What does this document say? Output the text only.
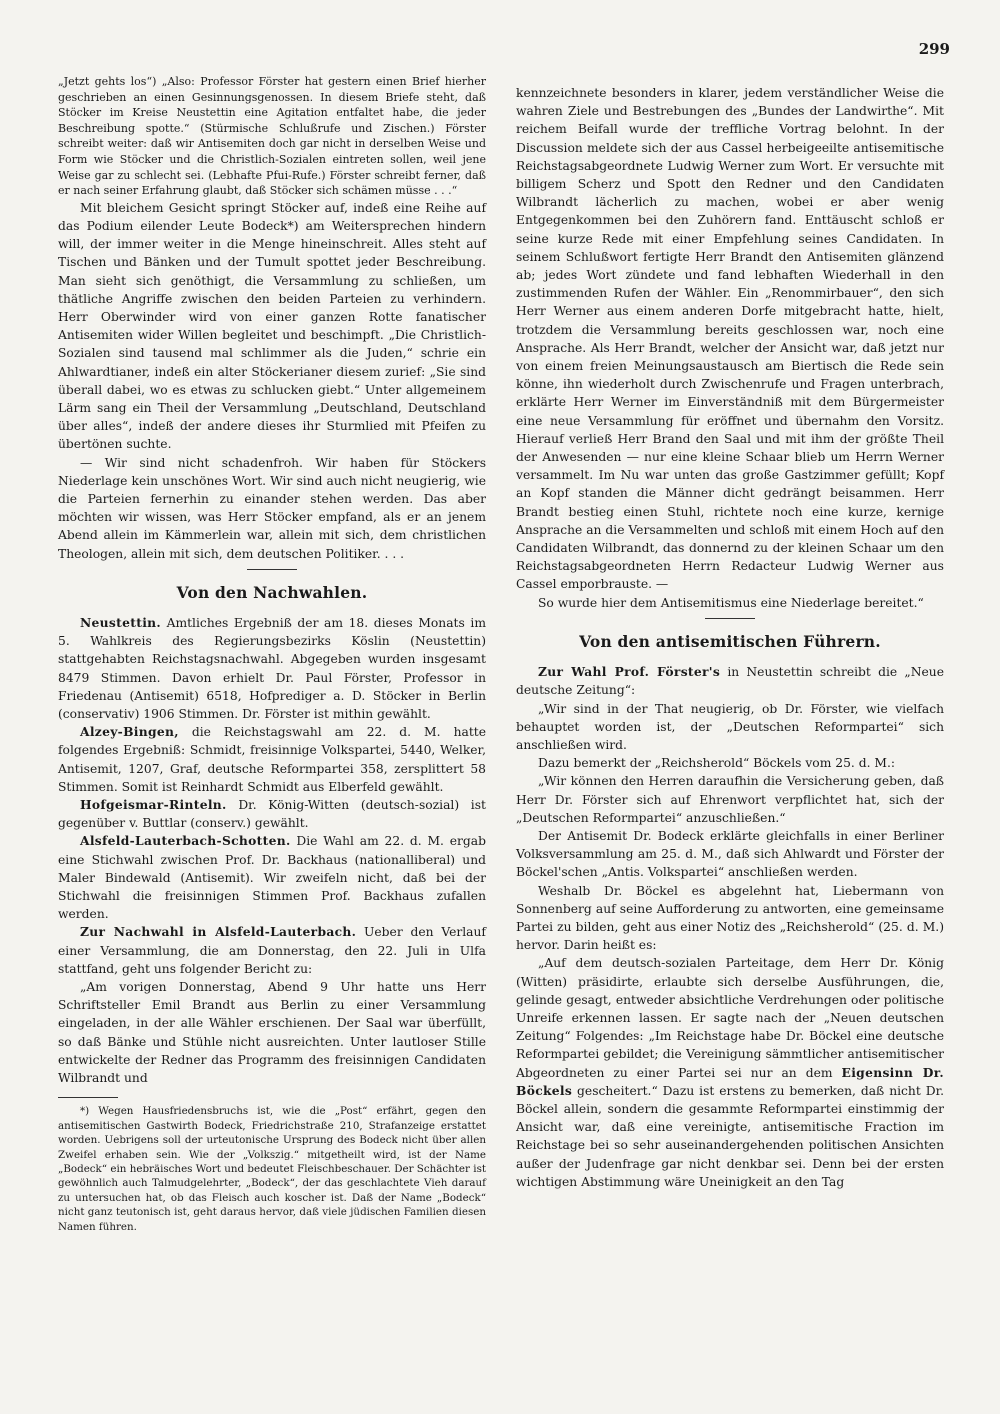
299

„Jetzt gehts los“) „Also: Professor Förster hat gestern einen Brief hierher geschrieben an einen Gesinnungsgenossen. In diesem Briefe steht, daß Stöcker im Kreise Neustettin eine Agitation entfaltet habe, die jeder Beschreibung spotte.“ (Stürmische Schlußrufe und Zischen.) Förster schreibt weiter: daß wir Antisemiten doch gar nicht in derselben Weise und Form wie Stöcker und die Christlich-Sozialen eintreten sollen, weil jene Weise gar zu schlecht sei. (Lebhafte Pfui-Rufe.) Förster schreibt ferner, daß er nach seiner Erfahrung glaubt, daß Stöcker sich schämen müsse . . .“

Mit bleichem Gesicht springt Stöcker auf, indeß eine Reihe auf das Podium eilender Leute Bodeck*) am Weitersprechen hindern will, der immer weiter in die Menge hineinschreit. Alles steht auf Tischen und Bänken und der Tumult spottet jeder Beschreibung. Man sieht sich genöthigt, die Versammlung zu schließen, um thätliche Angriffe zwischen den beiden Parteien zu verhindern. Herr Oberwinder wird von einer ganzen Rotte fanatischer Antisemiten wider Willen begleitet und beschimpft. „Die Christlich-Sozialen sind tausend mal schlimmer als die Juden,“ schrie ein Ahlwardtianer, indeß ein alter Stöckerianer diesem zurief: „Sie sind überall dabei, wo es etwas zu schlucken giebt.“ Unter allgemeinem Lärm sang ein Theil der Versammlung „Deutschland, Deutschland über alles“, indeß der andere dieses ihr Sturmlied mit Pfeifen zu übertönen suchte.

— Wir sind nicht schadenfroh. Wir haben für Stöckers Niederlage kein unschönes Wort. Wir sind auch nicht neugierig, wie die Parteien fernerhin zu einander stehen werden. Das aber möchten wir wissen, was Herr Stöcker empfand, als er an jenem Abend allein im Kämmerlein war, allein mit sich, dem christlichen Theologen, allein mit sich, dem deutschen Politiker. . . .

Von den Nachwahlen.

Neustettin. Amtliches Ergebniß der am 18. dieses Monats im 5. Wahlkreis des Regierungsbezirks Köslin (Neustettin) stattgehabten Reichstagsnachwahl. Abgegeben wurden insgesamt 8479 Stimmen. Davon erhielt Dr. Paul Förster, Professor in Friedenau (Antisemit) 6518, Hofprediger a. D. Stöcker in Berlin (conservativ) 1906 Stimmen. Dr. Förster ist mithin gewählt.

Alzey-Bingen, die Reichstagswahl am 22. d. M. hatte folgendes Ergebniß: Schmidt, freisinnige Volkspartei, 5440, Welker, Antisemit, 1207, Graf, deutsche Reformpartei 358, zersplittert 58 Stimmen. Somit ist Reinhardt Schmidt aus Elberfeld gewählt.

Hofgeismar-Rinteln. Dr. König-Witten (deutsch-sozial) ist gegenüber v. Buttlar (conserv.) gewählt.

Alsfeld-Lauterbach-Schotten. Die Wahl am 22. d. M. ergab eine Stichwahl zwischen Prof. Dr. Backhaus (nationalliberal) und Maler Bindewald (Antisemit). Wir zweifeln nicht, daß bei der Stichwahl die freisinnigen Stimmen Prof. Backhaus zufallen werden.

Zur Nachwahl in Alsfeld-Lauterbach. Ueber den Verlauf einer Versammlung, die am Donnerstag, den 22. Juli in Ulfa stattfand, geht uns folgender Bericht zu:

„Am vorigen Donnerstag, Abend 9 Uhr hatte uns Herr Schriftsteller Emil Brandt aus Berlin zu einer Versammlung eingeladen, in der alle Wähler erschienen. Der Saal war überfüllt, so daß Bänke und Stühle nicht ausreichten. Unter lautloser Stille entwickelte der Redner das Programm des freisinnigen Candidaten Wilbrandt und

*) Wegen Hausfriedensbruchs ist, wie die „Post“ erfährt, gegen den antisemitischen Gastwirth Bodeck, Friedrichstraße 210, Strafanzeige erstattet worden. Uebrigens soll der urteutonische Ursprung des Bodeck nicht über allen Zweifel erhaben sein. Wie der „Volkszig.“ mitgetheilt wird, ist der Name „Bodeck“ ein hebräisches Wort und bedeutet Fleischbeschauer. Der Schächter ist gewöhnlich auch Talmudgelehrter, „Bodeck“, der das geschlachtete Vieh darauf zu untersuchen hat, ob das Fleisch auch koscher ist. Daß der Name „Bodeck“ nicht ganz teutonisch ist, geht daraus hervor, daß viele jüdischen Familien diesen Namen führen.

kennzeichnete besonders in klarer, jedem verständlicher Weise die wahren Ziele und Bestrebungen des „Bundes der Landwirthe“. Mit reichem Beifall wurde der treffliche Vortrag belohnt. In der Discussion meldete sich der aus Cassel herbeigeeilte antisemitische Reichstagsabgeordnete Ludwig Werner zum Wort. Er versuchte mit billigem Scherz und Spott den Redner und den Candidaten Wilbrandt lächerlich zu machen, wobei er aber wenig Entgegenkommen bei den Zuhörern fand. Enttäuscht schloß er seine kurze Rede mit einer Empfehlung seines Candidaten. In seinem Schlußwort fertigte Herr Brandt den Antisemiten glänzend ab; jedes Wort zündete und fand lebhaften Wiederhall in den zustimmenden Rufen der Wähler. Ein „Renommirbauer“, den sich Herr Werner aus einem anderen Dorfe mitgebracht hatte, hielt, trotzdem die Versammlung bereits geschlossen war, noch eine Ansprache. Als Herr Brandt, welcher der Ansicht war, daß jetzt nur von einem freien Meinungsaustausch am Biertisch die Rede sein könne, ihn wiederholt durch Zwischenrufe und Fragen unterbrach, erklärte Herr Werner im Einverständniß mit dem Bürgermeister eine neue Versammlung für eröffnet und übernahm den Vorsitz. Hierauf verließ Herr Brand den Saal und mit ihm der größte Theil der Anwesenden — nur eine kleine Schaar blieb um Herrn Werner versammelt. Im Nu war unten das große Gastzimmer gefüllt; Kopf an Kopf standen die Männer dicht gedrängt beisammen. Herr Brandt bestieg einen Stuhl, richtete noch eine kurze, kernige Ansprache an die Versammelten und schloß mit einem Hoch auf den Candidaten Wilbrandt, das donnernd zu der kleinen Schaar um den Reichstagsabgeordneten Herrn Redacteur Ludwig Werner aus Cassel emporbrauste. —

So wurde hier dem Antisemitismus eine Niederlage bereitet.“

Von den antisemitischen Führern.

Zur Wahl Prof. Förster's in Neustettin schreibt die „Neue deutsche Zeitung“:

„Wir sind in der That neugierig, ob Dr. Förster, wie vielfach behauptet worden ist, der „Deutschen Reformpartei“ sich anschließen wird.

Dazu bemerkt der „Reichsherold“ Böckels vom 25. d. M.:

„Wir können den Herren daraufhin die Versicherung geben, daß Herr Dr. Förster sich auf Ehrenwort verpflichtet hat, sich der „Deutschen Reformpartei“ anzuschließen.“

Der Antisemit Dr. Bodeck erklärte gleichfalls in einer Berliner Volksversammlung am 25. d. M., daß sich Ahlwardt und Förster der Böckel'schen „Antis. Volkspartei“ anschließen werden.

Weshalb Dr. Böckel es abgelehnt hat, Liebermann von Sonnenberg auf seine Aufforderung zu antworten, eine gemeinsame Partei zu bilden, geht aus einer Notiz des „Reichsherold“ (25. d. M.) hervor. Darin heißt es:

„Auf dem deutsch-sozialen Parteitage, dem Herr Dr. König (Witten) präsidirte, erlaubte sich derselbe Ausführungen, die, gelinde gesagt, entweder absichtliche Verdrehungen oder politische Unreife erkennen lassen. Er sagte nach der „Neuen deutschen Zeitung“ Folgendes: „Im Reichstage habe Dr. Böckel eine deutsche Reformpartei gebildet; die Vereinigung sämmtlicher antisemitischer Abgeordneten zu einer Partei sei nur an dem Eigensinn Dr. Böckels gescheitert.“ Dazu ist erstens zu bemerken, daß nicht Dr. Böckel allein, sondern die gesammte Reformpartei einstimmig der Ansicht war, daß eine vereinigte, antisemitische Fraction im Reichstage bei so sehr auseinandergehenden politischen Ansichten außer der Judenfrage gar nicht denkbar sei. Denn bei der ersten wichtigen Abstimmung wäre Uneinigkeit an den Tag
